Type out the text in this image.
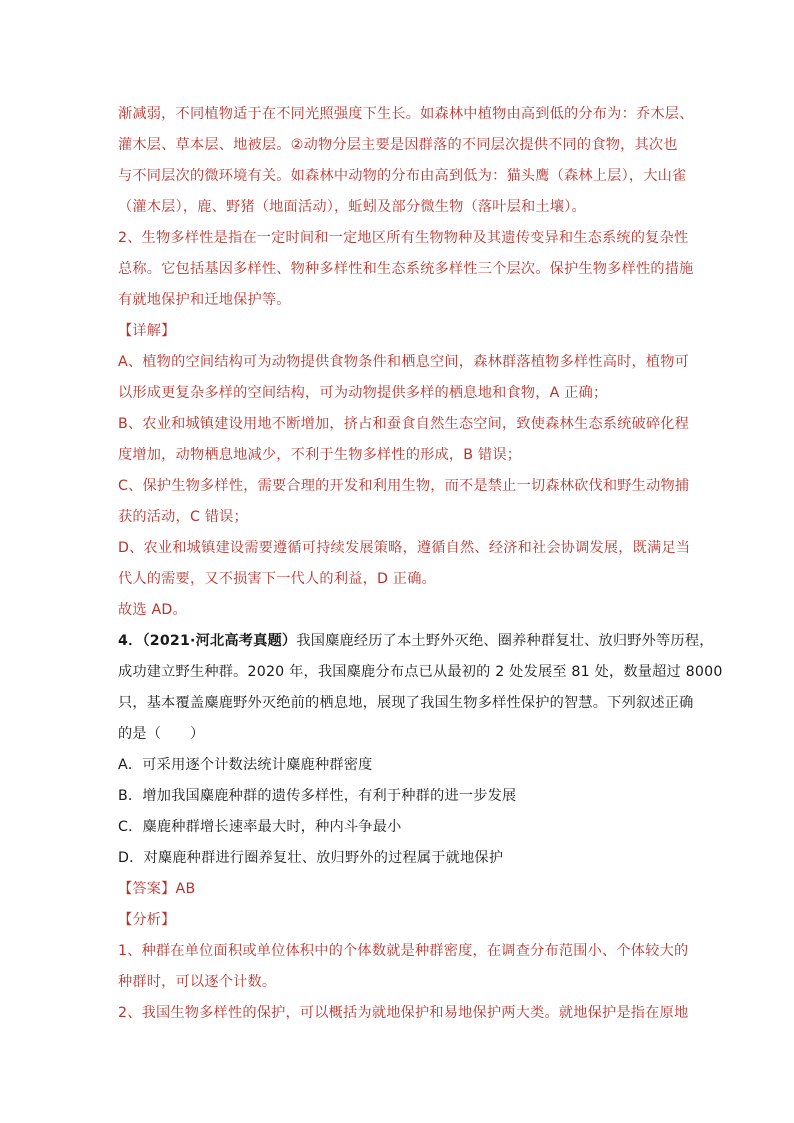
渐减弱，不同植物适于在不同光照强度下生长。如森林中植物由高到低的分布为：乔木层、
灌木层、草本层、地被层。②动物分层主要是因群落的不同层次提供不同的食物，其次也
与不同层次的微环境有关。如森林中动物的分布由高到低为：猫头鹰（森林上层），大山雀
（灌木层），鹿、野猪（地面活动），蚯蚓及部分微生物（落叶层和土壤）。
2、生物多样性是指在一定时间和一定地区所有生物物种及其遗传变异和生态系统的复杂性
总称。它包括基因多样性、物种多样性和生态系统多样性三个层次。保护生物多样性的措施
有就地保护和迁地保护等。
【详解】
A、植物的空间结构可为动物提供食物条件和栖息空间，森林群落植物多样性高时，植物可
以形成更复杂多样的空间结构，可为动物提供多样的栖息地和食物，A 正确；
B、农业和城镇建设用地不断增加，挤占和蚕食自然生态空间，致使森林生态系统破碎化程
度增加，动物栖息地减少，不利于生物多样性的形成，B 错误；
C、保护生物多样性，需要合理的开发和利用生物，而不是禁止一切森林砍伐和野生动物捕
获的活动，C 错误；
D、农业和城镇建设需要遵循可持续发展策略，遵循自然、经济和社会协调发展，既满足当
代人的需要，又不损害下一代人的利益，D 正确。
故选 AD。
4．（2021·河北高考真题）我国麋鹿经历了本土野外灭绝、圈养种群复壮、放归野外等历程，
成功建立野生种群。2020 年，我国麋鹿分布点已从最初的 2 处发展至 81 处，数量超过 8000
只，基本覆盖麋鹿野外灭绝前的栖息地，展现了我国生物多样性保护的智慧。下列叙述正确
的是（　　）
A．可采用逐个计数法统计麋鹿种群密度
B．增加我国麋鹿种群的遗传多样性，有利于种群的进一步发展
C．麋鹿种群增长速率最大时，种内斗争最小
D．对麋鹿种群进行圈养复壮、放归野外的过程属于就地保护
【答案】AB
【分析】
1、种群在单位面积或单位体积中的个体数就是种群密度，在调查分布范围小、个体较大的
种群时，可以逐个计数。
2、我国生物多样性的保护，可以概括为就地保护和易地保护两大类。就地保护是指在原地
